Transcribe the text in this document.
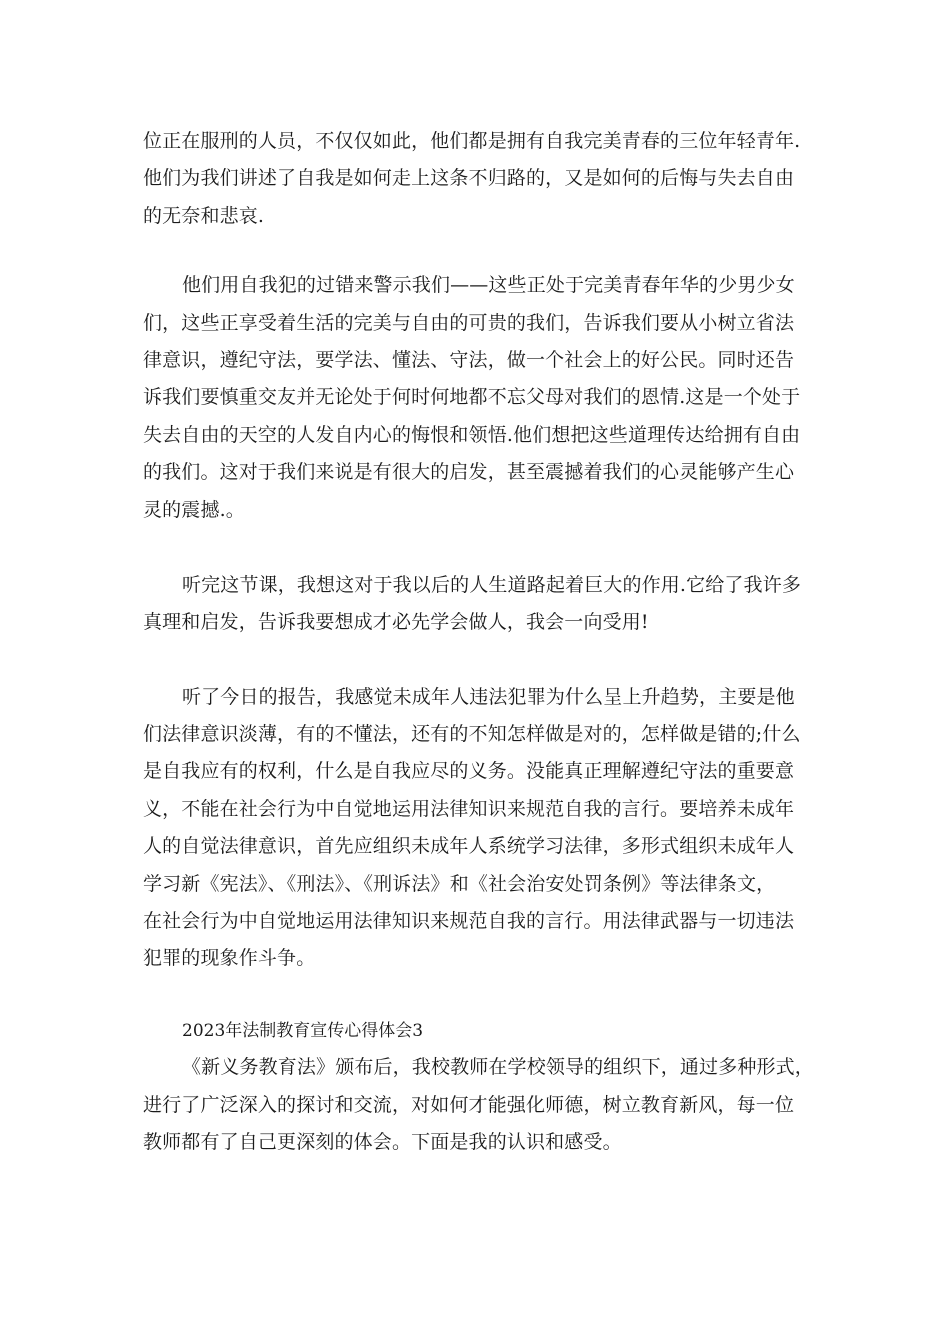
位正在服刑的人员，不仅仅如此，他们都是拥有自我完美青春的三位年轻青年.
他们为我们讲述了自我是如何走上这条不归路的，又是如何的后悔与失去自由
的无奈和悲哀.
他们用自我犯的过错来警示我们——这些正处于完美青春年华的少男少女
们，这些正享受着生活的完美与自由的可贵的我们，告诉我们要从小树立省法
律意识，遵纪守法，要学法、懂法、守法，做一个社会上的好公民。同时还告
诉我们要慎重交友并无论处于何时何地都不忘父母对我们的恩情.这是一个处于
失去自由的天空的人发自内心的悔恨和领悟.他们想把这些道理传达给拥有自由
的我们。这对于我们来说是有很大的启发，甚至震撼着我们的心灵能够产生心
灵的震撼.。
听完这节课，我想这对于我以后的人生道路起着巨大的作用.它给了我许多
真理和启发，告诉我要想成才必先学会做人，我会一向受用!
听了今日的报告，我感觉未成年人违法犯罪为什么呈上升趋势，主要是他
们法律意识淡薄，有的不懂法，还有的不知怎样做是对的，怎样做是错的;什么
是自我应有的权利，什么是自我应尽的义务。没能真正理解遵纪守法的重要意
义，不能在社会行为中自觉地运用法律知识来规范自我的言行。要培养未成年
人的自觉法律意识，首先应组织未成年人系统学习法律，多形式组织未成年人
学习新《宪法》、《刑法》、《刑诉法》和《社会治安处罚条例》等法律条文，
在社会行为中自觉地运用法律知识来规范自我的言行。用法律武器与一切违法
犯罪的现象作斗争。
2023年法制教育宣传心得体会3
《新义务教育法》颁布后，我校教师在学校领导的组织下，通过多种形式，
进行了广泛深入的探讨和交流，对如何才能强化师德，树立教育新风，每一位
教师都有了自己更深刻的体会。下面是我的认识和感受。
